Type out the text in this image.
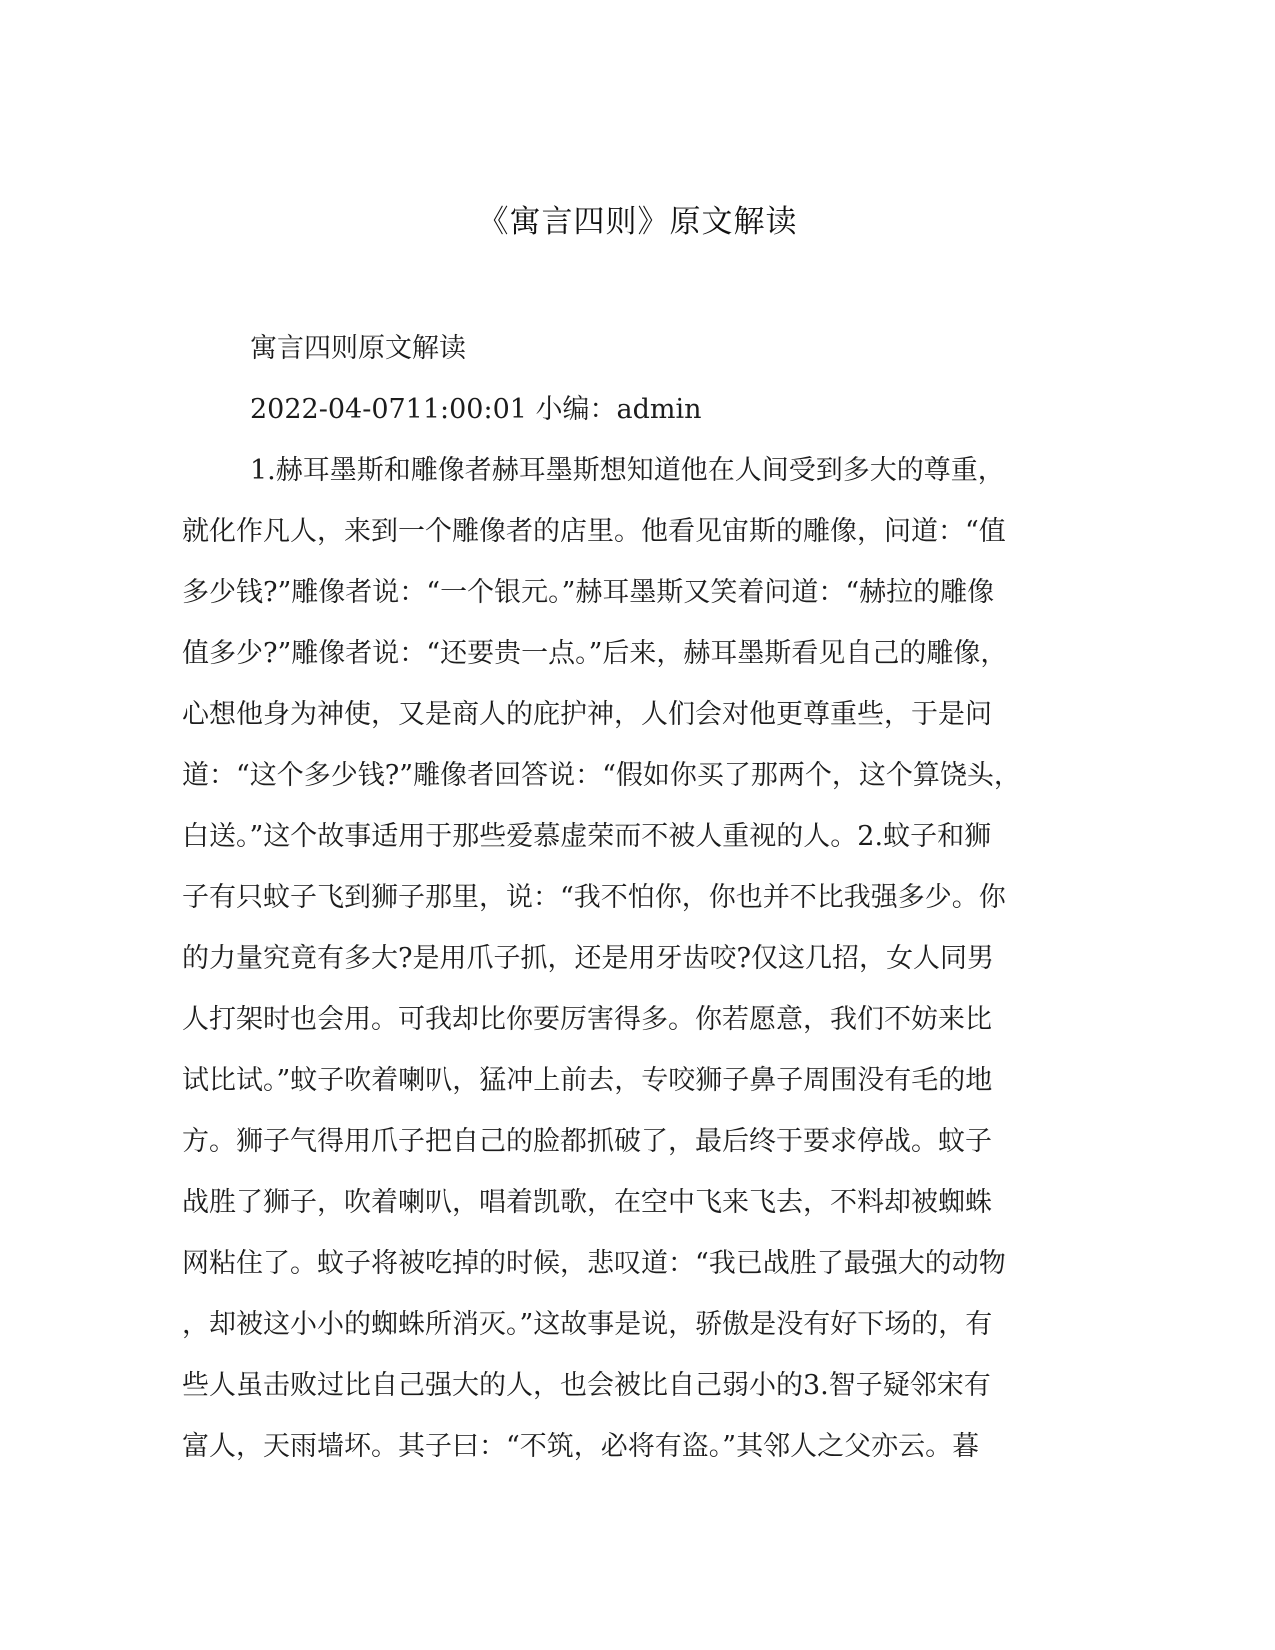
《寓言四则》原文解读
寓言四则原文解读
2022-04-0711:00:01 小编：admin
1.赫耳墨斯和雕像者赫耳墨斯想知道他在人间受到多大的尊重，
就化作凡人，来到一个雕像者的店里。他看见宙斯的雕像，问道：“值
多少钱?”雕像者说：“一个银元。”赫耳墨斯又笑着问道：“赫拉的雕像
值多少?”雕像者说：“还要贵一点。”后来，赫耳墨斯看见自己的雕像，
心想他身为神使，又是商人的庇护神，人们会对他更尊重些，于是问
道：“这个多少钱?”雕像者回答说：“假如你买了那两个，这个算饶头，
白送。”这个故事适用于那些爱慕虚荣而不被人重视的人。2.蚊子和狮
子有只蚊子飞到狮子那里，说：“我不怕你，你也并不比我强多少。你
的力量究竟有多大?是用爪子抓，还是用牙齿咬?仅这几招，女人同男
人打架时也会用。可我却比你要厉害得多。你若愿意，我们不妨来比
试比试。”蚊子吹着喇叭，猛冲上前去，专咬狮子鼻子周围没有毛的地
方。狮子气得用爪子把自己的脸都抓破了，最后终于要求停战。蚊子
战胜了狮子，吹着喇叭，唱着凯歌，在空中飞来飞去，不料却被蜘蛛
网粘住了。蚊子将被吃掉的时候，悲叹道：“我已战胜了最强大的动物
，却被这小小的蜘蛛所消灭。”这故事是说，骄傲是没有好下场的，有
些人虽击败过比自己强大的人，也会被比自己弱小的3.智子疑邻宋有
富人，天雨墙坏。其子曰：“不筑，必将有盗。”其邻人之父亦云。暮
